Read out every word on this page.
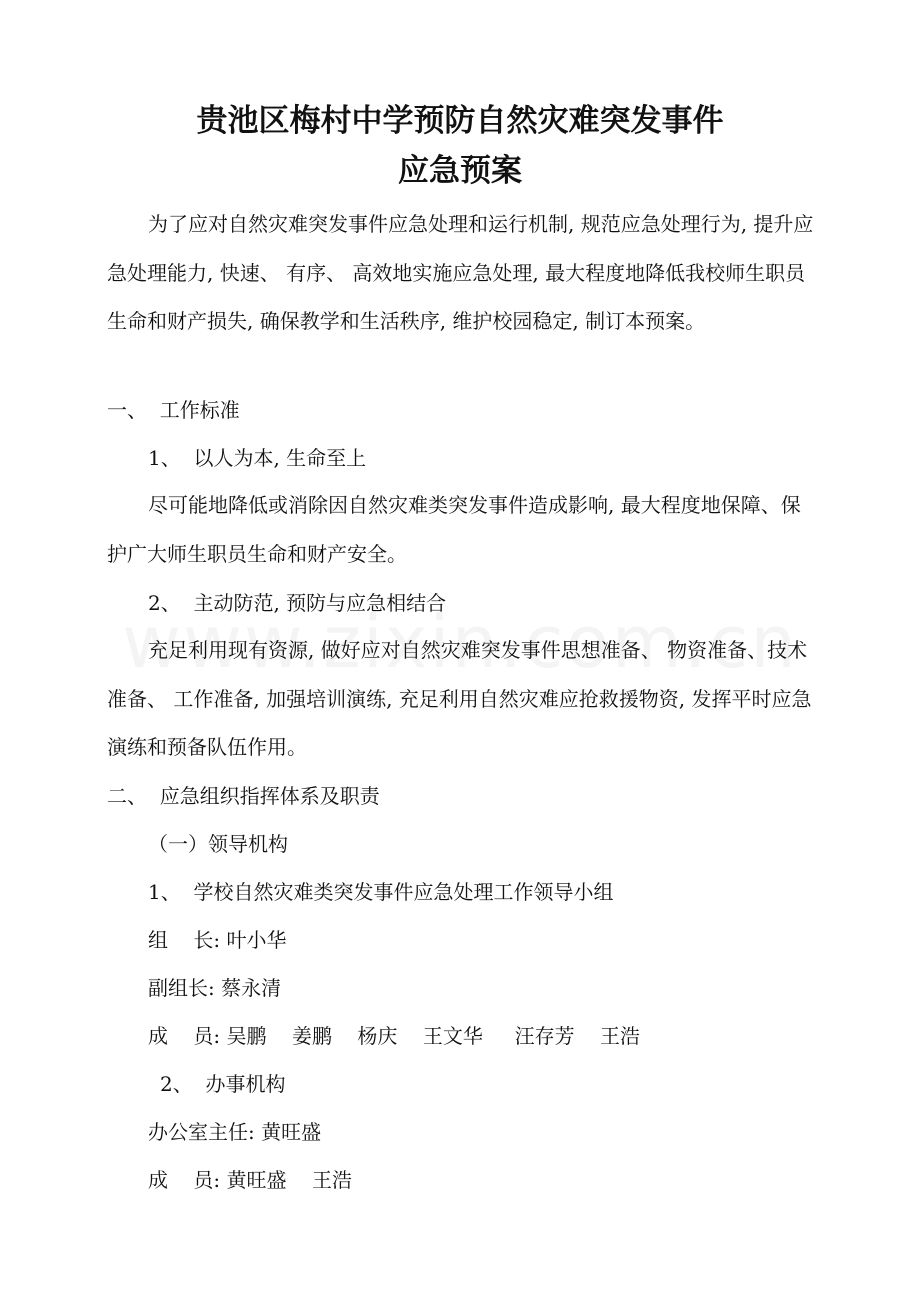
贵池区梅村中学预防自然灾难突发事件
应急预案

为了应对自然灾难突发事件应急处理和运行机制, 规范应急处理行为, 提升应急处理能力, 快速、 有序、 高效地实施应急处理, 最大程度地降低我校师生职员生命和财产损失, 确保教学和生活秩序, 维护校园稳定, 制订本预案。

一、  工作标准

1、  以人为本, 生命至上

尽可能地降低或消除因自然灾难类突发事件造成影响, 最大程度地保障、保护广大师生职员生命和财产安全。

2、  主动防范, 预防与应急相结合

充足利用现有资源, 做好应对自然灾难突发事件思想准备、 物资准备、技术准备、 工作准备, 加强培训演练, 充足利用自然灾难应抢救援物资, 发挥平时应急演练和预备队伍作用。

二、  应急组织指挥体系及职责

（一）领导机构

1、  学校自然灾难类突发事件应急处理工作领导小组

组    长: 叶小华

副组长: 蔡永清

成    员: 吴鹏    姜鹏    杨庆    王文华     汪存芳    王浩

2、  办事机构

办公室主任: 黄旺盛

成    员: 黄旺盛    王浩
